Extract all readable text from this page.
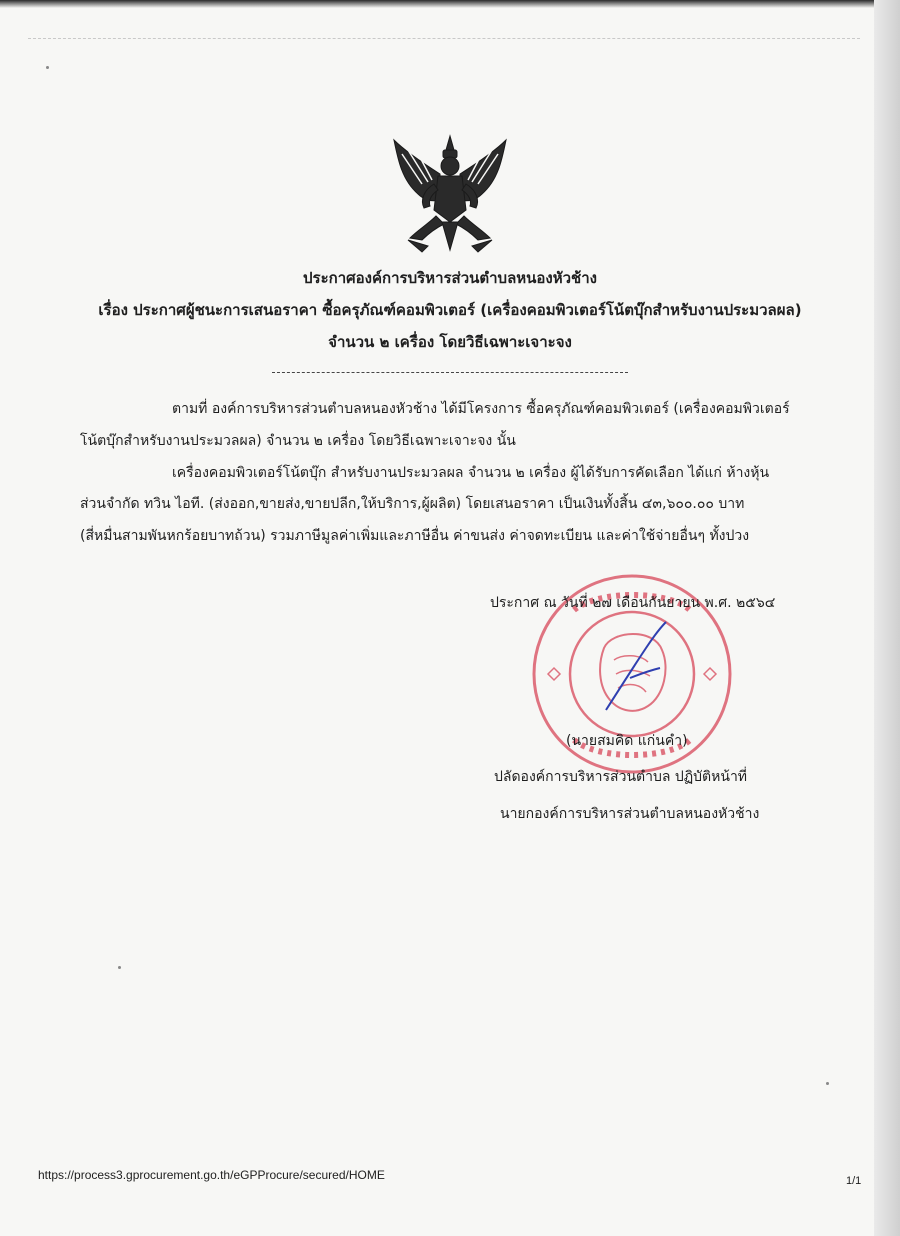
ประกาศองค์การบริหารส่วนตำบลหนองหัวช้าง
เรื่อง ประกาศผู้ชนะการเสนอราคา ซื้อครุภัณฑ์คอมพิวเตอร์ (เครื่องคอมพิวเตอร์โน้ตบุ๊กสำหรับงานประมวลผล)
จำนวน ๒ เครื่อง โดยวิธีเฉพาะเจาะจง
ตามที่ องค์การบริหารส่วนตำบลหนองหัวช้าง ได้มีโครงการ ซื้อครุภัณฑ์คอมพิวเตอร์ (เครื่องคอมพิวเตอร์
โน้ตบุ๊กสำหรับงานประมวลผล) จำนวน ๒ เครื่อง โดยวิธีเฉพาะเจาะจง นั้น
เครื่องคอมพิวเตอร์โน้ตบุ๊ก สำหรับงานประมวลผล จำนวน ๒ เครื่อง ผู้ได้รับการคัดเลือก ได้แก่ ห้างหุ้น
ส่วนจำกัด ทวิน ไอที. (ส่งออก,ขายส่ง,ขายปลีก,ให้บริการ,ผู้ผลิต) โดยเสนอราคา เป็นเงินทั้งสิ้น ๔๓,๖๐๐.๐๐ บาท
(สี่หมื่นสามพันหกร้อยบาทถ้วน) รวมภาษีมูลค่าเพิ่มและภาษีอื่น ค่าขนส่ง ค่าจดทะเบียน และค่าใช้จ่ายอื่นๆ ทั้งปวง
ประกาศ ณ วันที่ ๒๗ เดือนกันยายน พ.ศ. ๒๕๖๔
(นายสมคิด แก่นคำ)
ปลัดองค์การบริหารส่วนตำบล ปฏิบัติหน้าที่
นายกองค์การบริหารส่วนตำบลหนองหัวช้าง
https://process3.gprocurement.go.th/eGPProcure/secured/HOME	1/1
